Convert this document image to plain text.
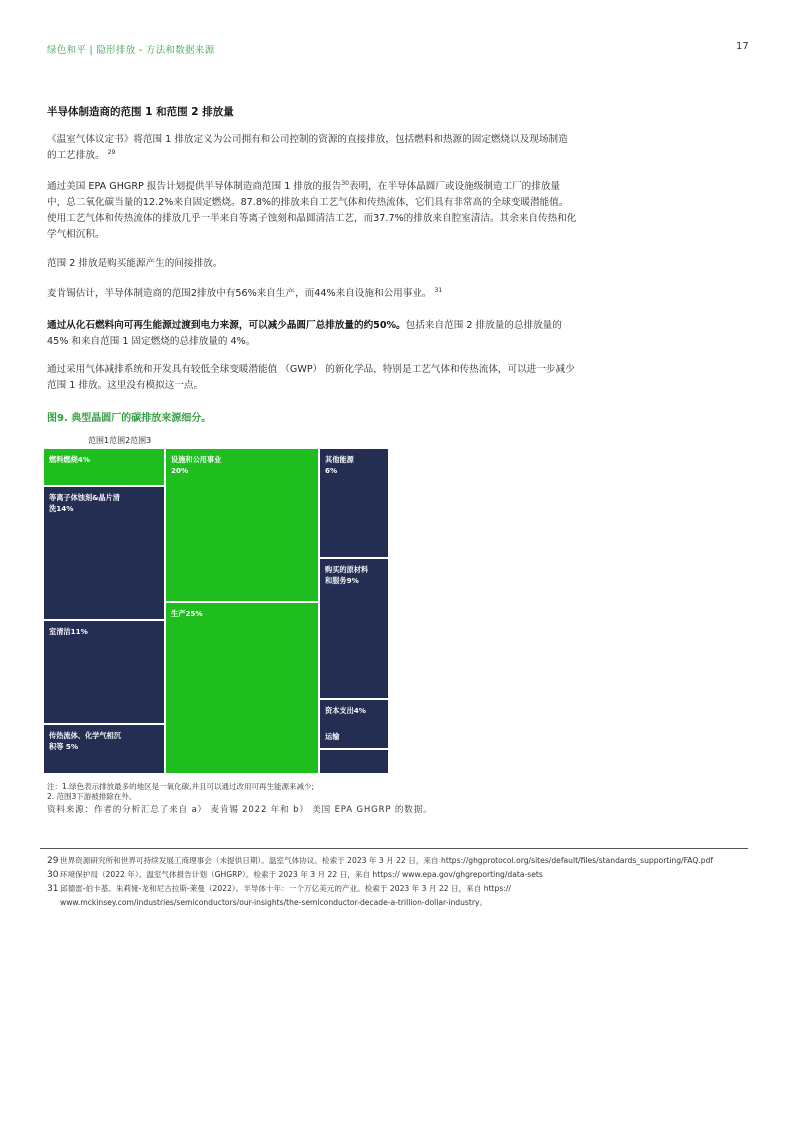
绿色和平 | 隐形排放 - 方法和数据来源	17
半导体制造商的范围 1 和范围 2 排放量
《温室气体议定书》将范围 1 排放定义为公司拥有和公司控制的资源的直接排放，包括燃料和热源的固定燃烧以及现场制造的工艺排放。 $^{29}$
通过美国 EPA GHGRP 报告计划提供半导体制造商范围 1 排放的报告$^{30}$表明，在半导体晶圆厂或设施级制造工厂的排放量中，总二氧化碳当量的12.2%来自固定燃烧。87.8%的排放来自工艺气体和传热流体，它们具有非常高的全球变暖潜能值。使用工艺气体和传热流体的排放几乎一半来自等离子蚀刻和晶圆清洁工艺，而37.7%的排放来自腔室清洁。其余来自传热和化学气相沉积。
范围 2 排放是购买能源产生的间接排放。
麦肯锡估计，半导体制造商的范围2排放中有56%来自生产，而44%来自设施和公用事业。 $^{31}$
通过从化石燃料向可再生能源过渡到电力来源，可以减少晶圆厂总排放量的约50%。包括来自范围 2 排放量的总排放量的45% 和来自范围 1 固定燃烧的总排放量的 4%。
通过采用气体减排系统和开发具有较低全球变暖潜能值 （GWP） 的新化学品，特别是工艺气体和传热流体，可以进一步减少范围 1 排放。这里没有模拟这一点。
图9. 典型晶圆厂的碳排放来源细分。
范围1范围2范围3
燃料燃烧4%
等离子体蚀刻&晶片清
洗14%
室清洁11%
传热流体、化学气相沉
积等 5%
设施和公用事业
20%
生产25%
其他能源
6%
购买的原材料
和服务9%
资本支出4%
运输
注：1.绿色表示排放最多的地区是一氧化碳,并且可以通过改用可再生能源来减少;
2. 范围3下游被排除在外。
资料来源：作者的分析汇总了来自 a） 麦肯锡 2022 年和 b） 美国 EPA GHGRP 的数据。
29 世界资源研究所和世界可持续发展工商理事会（未提供日期）。温室气体协议。检索于 2023 年 3 月 22 日，来自 https://ghgprotocol.org/sites/default/files/standards_supporting/FAQ.pdf
30 环境保护局（2022 年）。温室气体报告计划（GHGRP）。检索于 2023 年 3 月 22 日，来自 https:// www.epa.gov/ghgreporting/data-sets
31 邱德雷-伯卡基、朱莉娅-龙和尼古拉斯-莱曼（2022）。半导体十年：一个万亿美元的产业。检索于 2023 年 3 月 22 日，来自 https://
www.mckinsey.com/industries/semiconductors/our-insights/the-semiconductor-decade-a-trillion-dollar-industry。
